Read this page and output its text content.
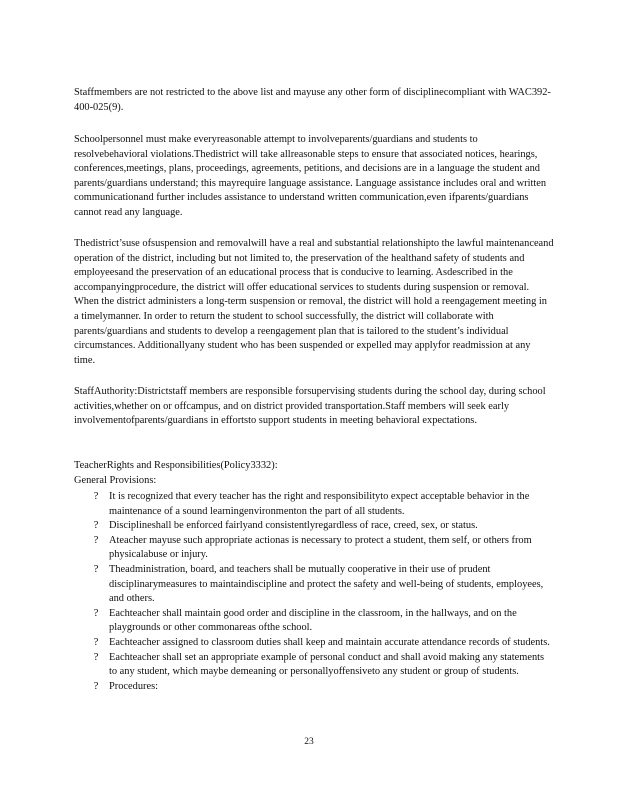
Staffmembers are not restricted to the above list and mayuse any other form of disciplinecompliant with WAC392-400-025(9).

Schoolpersonnel must make everyreasonable attempt to involveparents/guardians and students to resolvebehavioral violations.Thedistrict will take allreasonable steps to ensure that associated notices, hearings, conferences,meetings, plans, proceedings, agreements, petitions, and decisions are in a language the student and parents/guardians understand; this mayrequire language assistance. Language assistance includes oral and written communicationand further includes assistance to understand written communication,even ifparents/guardians cannot read any language.

Thedistrict’suse ofsuspension and removalwill have a real and substantial relationshipto the lawful maintenanceand operation of the district, including but not limited to, the preservation of the healthand safety of students and employeesand the preservation of an educational process that is conducive to learning. Asdescribed in the accompanyingprocedure, the district will offer educational services to students during suspension or removal. When the district administers a long-term suspension or removal, the district will hold a reengagement meeting in a timelymanner. In order to return the student to school successfully, the district will collaborate with parents/guardians and students to develop a reengagement plan that is tailored to the student’s individual circumstances. Additionallyany student who has been suspended or expelled may applyfor readmission at any time.

StaffAuthority:Districtstaff members are responsible forsupervising students during the school day, during school activities,whether on or offcampus, and on district provided transportation.Staff members will seek early involvementofparents/guardians in effortsto support students in meeting behavioral expectations.

TeacherRights and Responsibilities(Policy3332):
General Provisions:
?	It is recognized that every teacher has the right and responsibilityto expect acceptable behavior in the maintenance of a sound learningenvironmenton the part of all students.
?	Disciplineshall be enforced fairlyand consistentlyregardless of race, creed, sex, or status.
?	Ateacher mayuse such appropriate actionas is necessary to protect a student, them self, or others from physicalabuse or injury.
?	Theadministration, board, and teachers shall be mutually cooperative in their use of prudent disciplinarymeasures to maintaindiscipline and protect the safety and well-being of students, employees, and others.
?	Eachteacher shall maintain good order and discipline in the classroom, in the hallways, and on the playgrounds or other commonareas ofthe school.
?	Eachteacher assigned to classroom duties shall keep and maintain accurate attendance records of students.
?	Eachteacher shall set an appropriate example of personal conduct and shall avoid making any statements to any student, which maybe demeaning or personallyoffensiveto any student or group of students.
?	Procedures:
23
